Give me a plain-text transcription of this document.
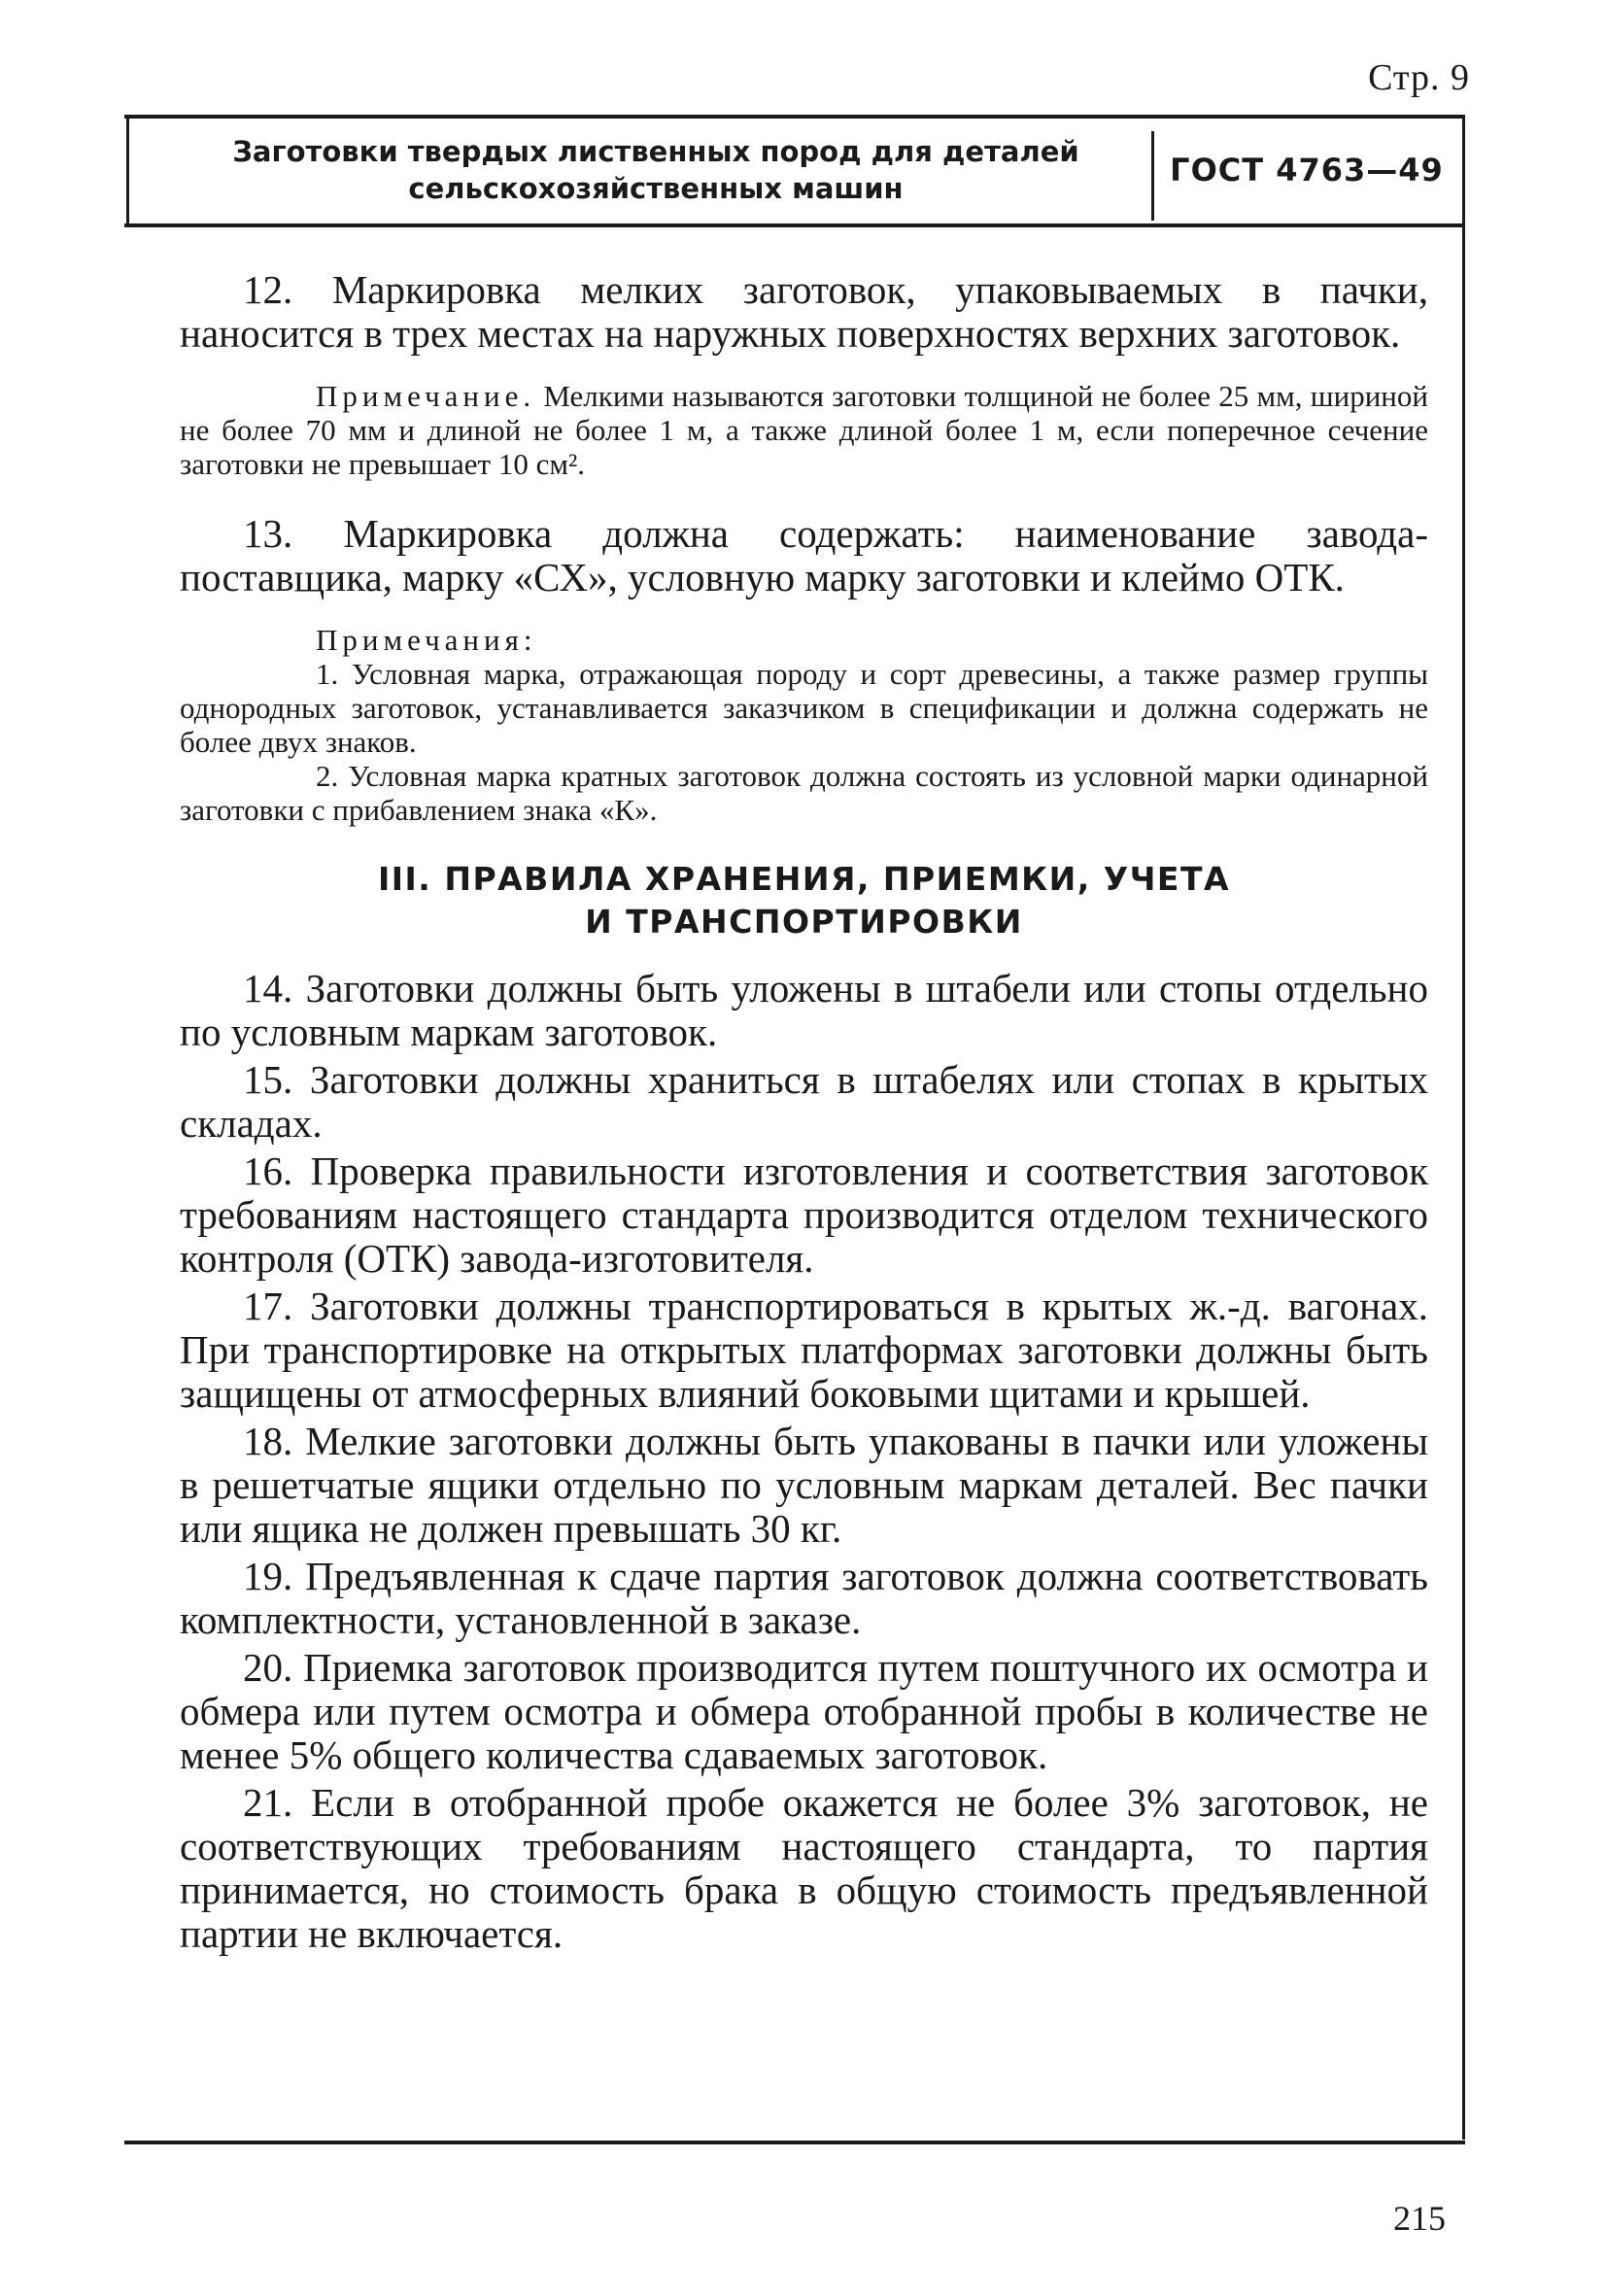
Стр. 9
Заготовки твердых лиственных пород для деталей
сельскохозяйственных машин	ГОСТ 4763—49

12. Маркировка мелких заготовок, упаковываемых в пачки, наносится в трех местах на наружных поверхностях верхних заготовок.

Примечание. Мелкими называются заготовки толщиной не более 25 мм, шириной не более 70 мм и длиной не более 1 м, а также длиной более 1 м, если поперечное сечение заготовки не превышает 10 см².

13. Маркировка должна содержать: наименование завода-поставщика, марку «СХ», условную марку заготовки и клеймо ОТК.

Примечания:

1. Условная марка, отражающая породу и сорт древесины, а также размер группы однородных заготовок, устанавливается заказчиком в спецификации и должна содержать не более двух знаков.

2. Условная марка кратных заготовок должна состоять из условной марки одинарной заготовки с прибавлением знака «К».

III. ПРАВИЛА ХРАНЕНИЯ, ПРИЕМКИ, УЧЕТА
И ТРАНСПОРТИРОВКИ

14. Заготовки должны быть уложены в штабели или стопы отдельно по условным маркам заготовок.

15. Заготовки должны храниться в штабелях или стопах в крытых складах.

16. Проверка правильности изготовления и соответствия заготовок требованиям настоящего стандарта производится отделом технического контроля (ОТК) завода-изготовителя.

17. Заготовки должны транспортироваться в крытых ж.-д. вагонах. При транспортировке на открытых платформах заготовки должны быть защищены от атмосферных влияний боковыми щитами и крышей.

18. Мелкие заготовки должны быть упакованы в пачки или уложены в решетчатые ящики отдельно по условным маркам деталей. Вес пачки или ящика не должен превышать 30 кг.

19. Предъявленная к сдаче партия заготовок должна соответствовать комплектности, установленной в заказе.

20. Приемка заготовок производится путем поштучного их осмотра и обмера или путем осмотра и обмера отобранной пробы в количестве не менее 5% общего количества сдаваемых заготовок.

21. Если в отобранной пробе окажется не более 3% заготовок, не соответствующих требованиям настоящего стандарта, то партия принимается, но стоимость брака в общую стоимость предъявленной партии не включается.

215
